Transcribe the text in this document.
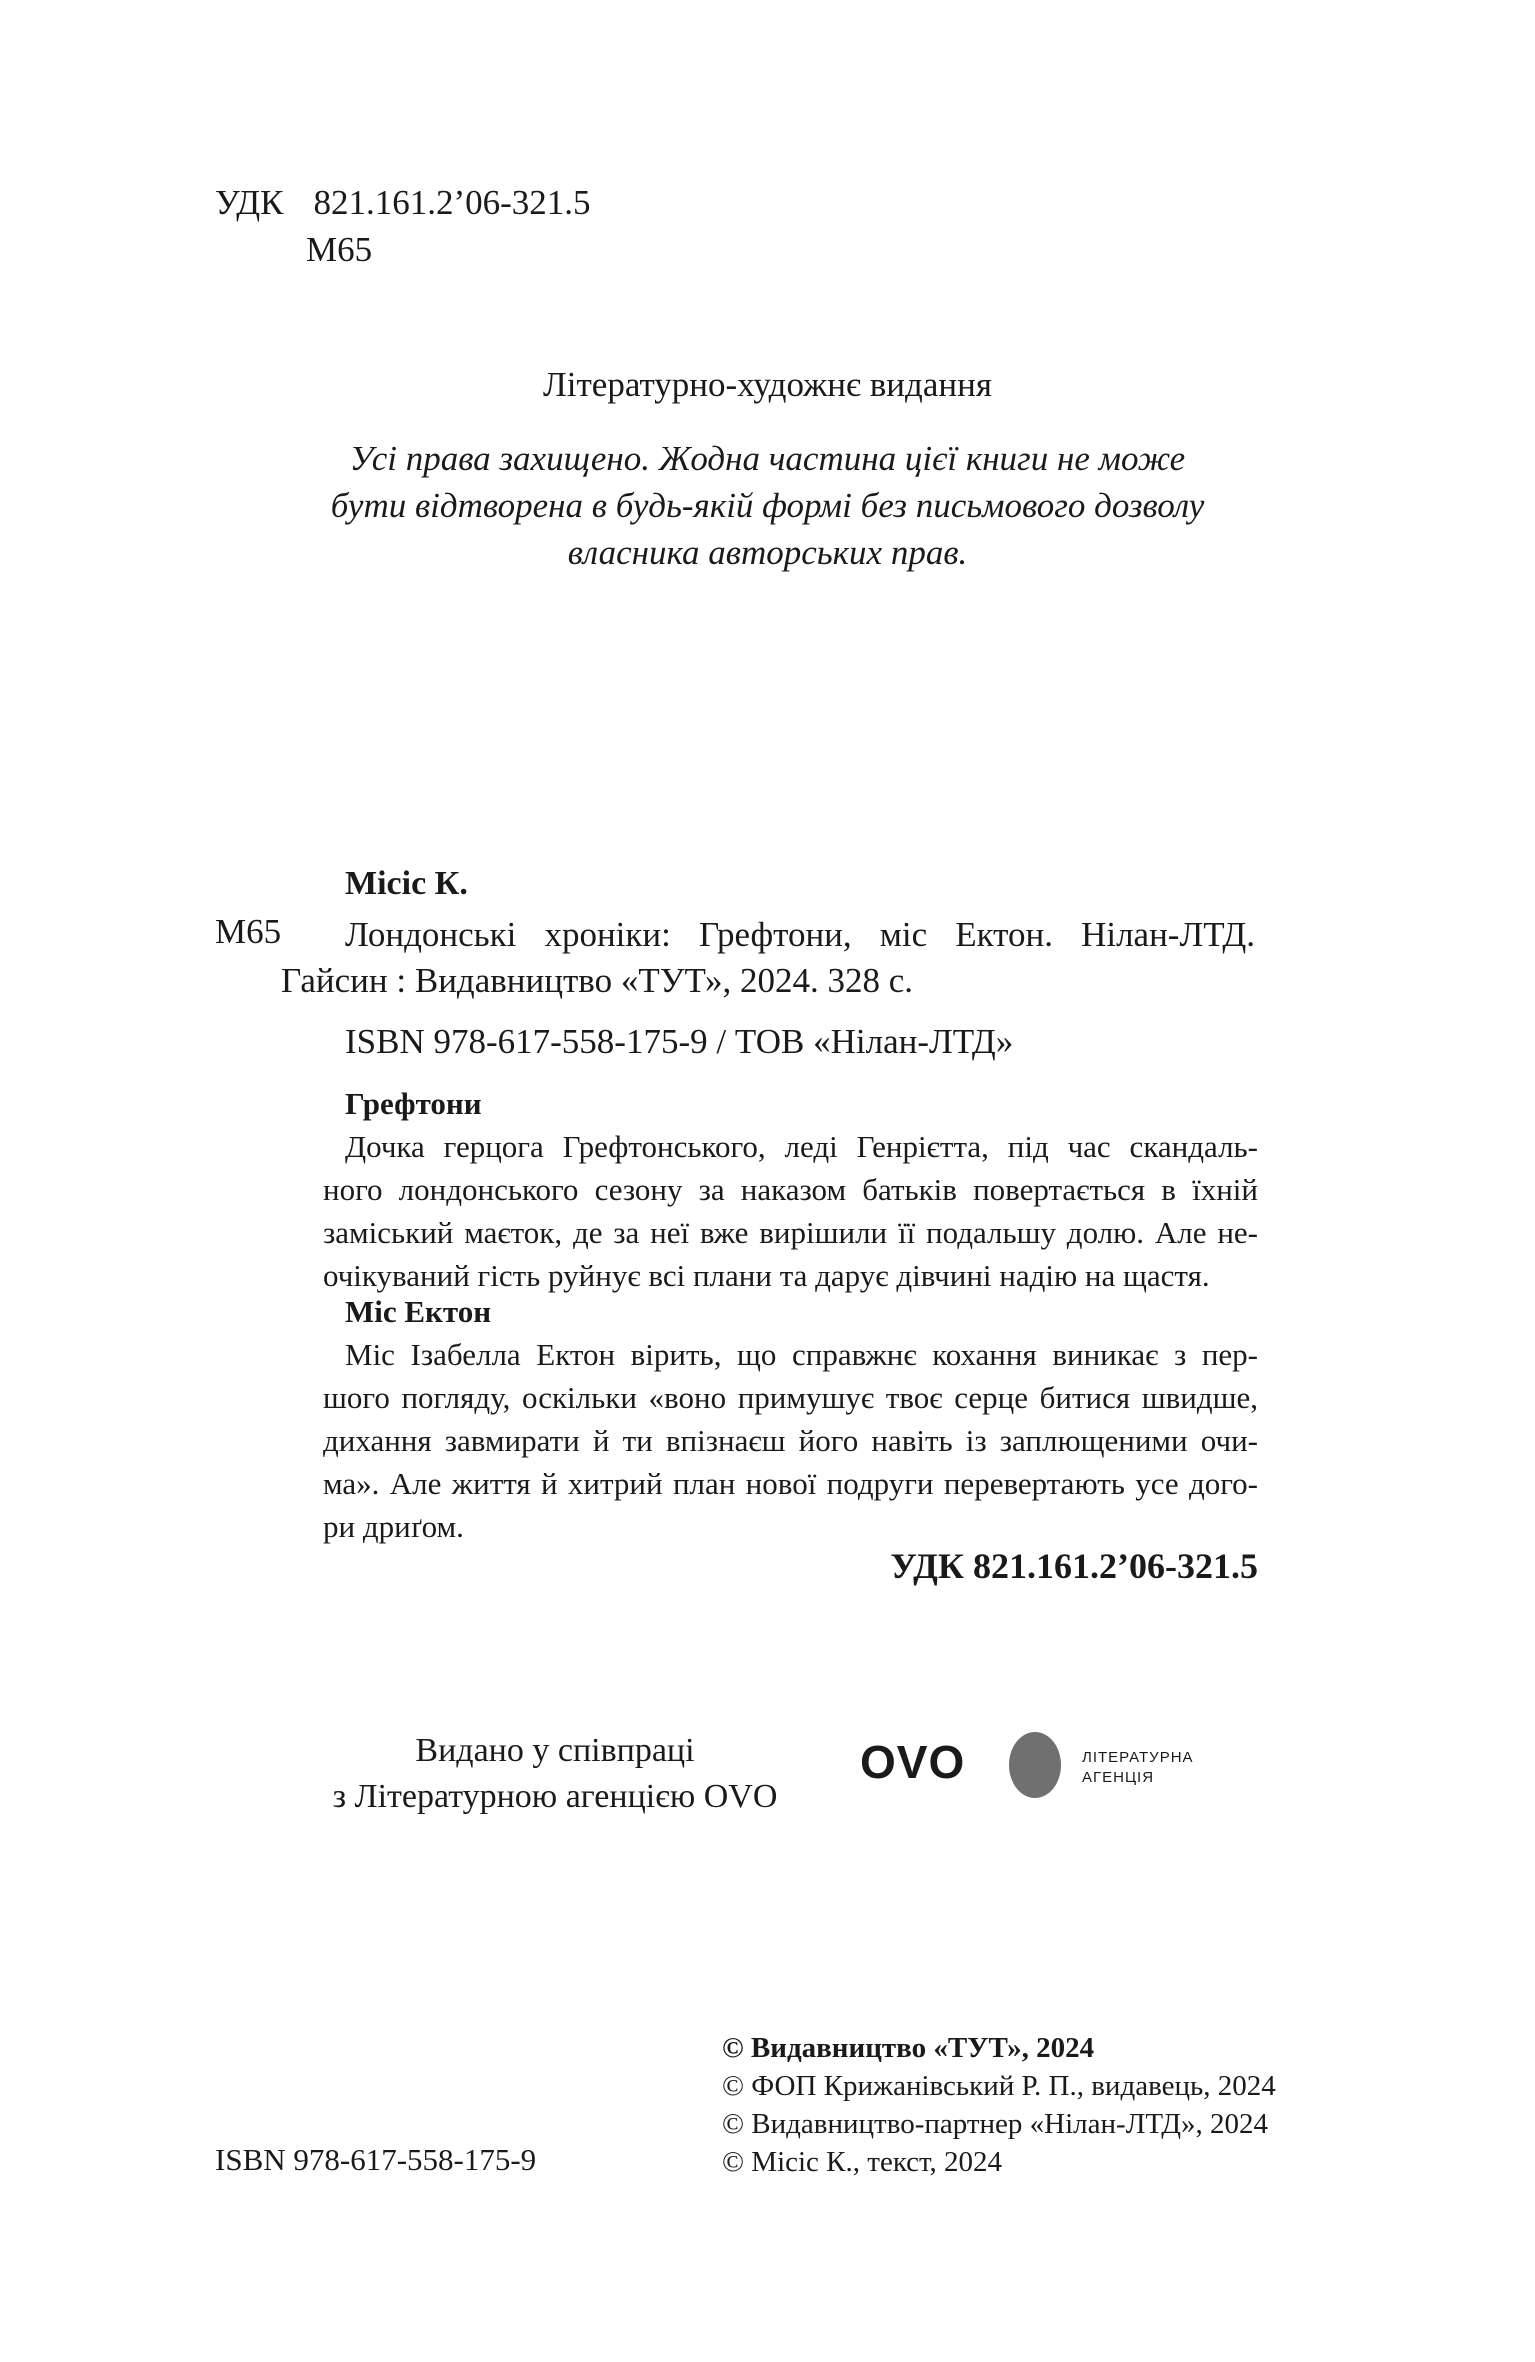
УДК 821.161.2’06-321.5
М65
Літературно-художнє видання
Усі права захищено. Жодна частина цієї книги не може
бути відтворена в будь-якій формі без письмового дозволу
власника авторських прав.
Місіс К.
М65 Лондонські хроніки: Грефтони, міс Ектон. Нілан-ЛТД.
Гайсин : Видавництво «ТУТ», 2024. 328 с.
ISBN 978-617-558-175-9 / ТОВ «Нілан-ЛТД»
Грефтони
Дочка герцога Грефтонського, леді Генрієтта, під час скандаль-
ного лондонського сезону за наказом батьків повертається в їхній
заміський маєток, де за неї вже вирішили її подальшу долю. Але не-
очікуваний гість руйнує всі плани та дарує дівчині надію на щастя.
Міс Ектон
Міс Ізабелла Ектон вірить, що справжнє кохання виникає з пер-
шого погляду, оскільки «воно примушує твоє серце битися швидше,
дихання завмирати й ти впізнаєш його навіть із заплющеними очи-
ма». Але життя й хитрий план нової подруги перевертають усе дого-
ри дриґом.
УДК 821.161.2’06-321.5
Видано у співпраці
з Літературною агенцією OVO
OVO	ЛІТЕРАТУРНА
АГЕНЦІЯ
ISBN 978-617-558-175-9
© Видавництво «ТУТ», 2024
© ФОП Крижанівський Р. П., видавець, 2024
© Видавництво-партнер «Нілан-ЛТД», 2024
© Місіс К., текст, 2024
